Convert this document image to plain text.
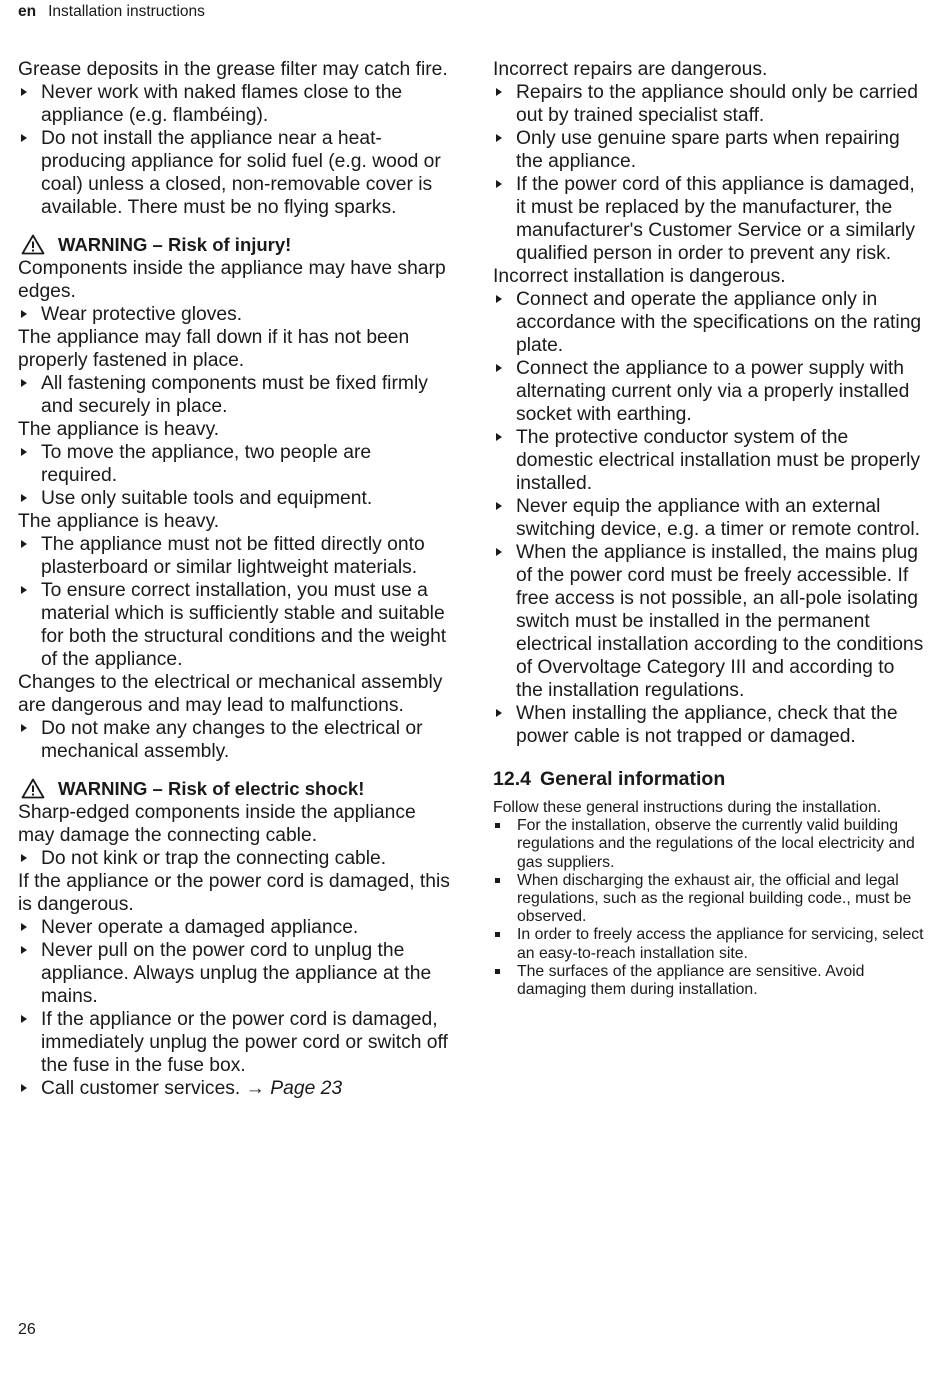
en Installation instructions

Grease deposits in the grease filter may catch fire.

Never work with naked flames close to the appliance (e.g. flambéing).

Do not install the appliance near a heat-producing appliance for solid fuel (e.g. wood or coal) unless a closed, non-removable cover is available. There must be no flying sparks.

WARNING – Risk of injury!

Components inside the appliance may have sharp edges.

Wear protective gloves.

The appliance may fall down if it has not been properly fastened in place.

All fastening components must be fixed firmly and securely in place.

The appliance is heavy.

To move the appliance, two people are required.

Use only suitable tools and equipment.

The appliance is heavy.

The appliance must not be fitted directly onto plasterboard or similar lightweight materials.

To ensure correct installation, you must use a material which is sufficiently stable and suitable for both the structural conditions and the weight of the appliance.

Changes to the electrical or mechanical assembly are dangerous and may lead to malfunctions.

Do not make any changes to the electrical or mechanical assembly.

WARNING – Risk of electric shock!

Sharp-edged components inside the appliance may damage the connecting cable.

Do not kink or trap the connecting cable.

If the appliance or the power cord is damaged, this is dangerous.

Never operate a damaged appliance.

Never pull on the power cord to unplug the appliance. Always unplug the appliance at the mains.

If the appliance or the power cord is damaged, immediately unplug the power cord or switch off the fuse in the fuse box.

Call customer services. → Page 23

Incorrect repairs are dangerous.

Repairs to the appliance should only be carried out by trained specialist staff.

Only use genuine spare parts when repairing the appliance.

If the power cord of this appliance is damaged, it must be replaced by the manufacturer, the manufacturer's Customer Service or a similarly qualified person in order to prevent any risk.

Incorrect installation is dangerous.

Connect and operate the appliance only in accordance with the specifications on the rating plate.

Connect the appliance to a power supply with alternating current only via a properly installed socket with earthing.

The protective conductor system of the domestic electrical installation must be properly installed.

Never equip the appliance with an external switching device, e.g. a timer or remote control.

When the appliance is installed, the mains plug of the power cord must be freely accessible. If free access is not possible, an all-pole isolating switch must be installed in the permanent electrical installation according to the conditions of Overvoltage Category III and according to the installation regulations.

When installing the appliance, check that the power cable is not trapped or damaged.

12.4 General information

Follow these general instructions during the installation.

For the installation, observe the currently valid building regulations and the regulations of the local electricity and gas suppliers.

When discharging the exhaust air, the official and legal regulations, such as the regional building code., must be observed.

In order to freely access the appliance for servicing, select an easy-to-reach installation site.

The surfaces of the appliance are sensitive. Avoid damaging them during installation.

26
